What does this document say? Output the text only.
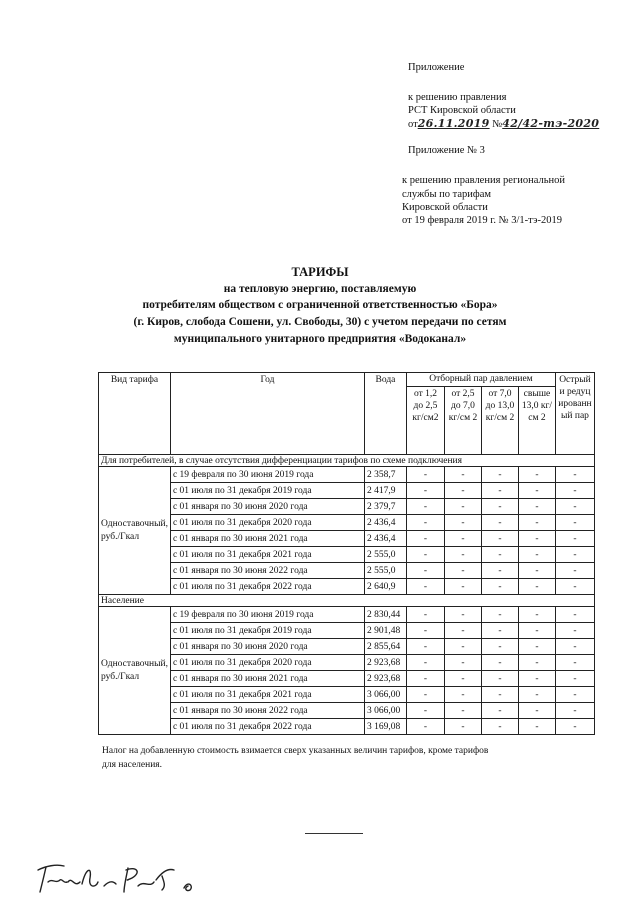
Приложение
к решению правления
РСТ Кировской области
от26.11.2019 №42/42-тэ-2020
Приложение № 3
к решению правления региональной
службы по тарифам
Кировской области
от 19 февраля 2019 г. № 3/1-тэ-2019
ТАРИФЫ
на тепловую энергию, поставляемую
потребителям обществом с ограниченной ответственностью «Бора»
(г. Киров, слобода Сошени, ул. Свободы, 30) с учетом передачи по сетям
муниципального унитарного предприятия «Водоканал»
Вид тарифа	Год	Вода	Отборный пар давлением				Острый и редуцированный пар
			от 1,2 до 2,5 кг/см2	от 2,5 до 7,0 кг/см 2	от 7,0 до 13,0 кг/см 2	свыше 13,0 кг/см 2	
Для потребителей, в случае отсутствия дифференциации тарифов по схеме подключения							
Одноставочный, руб./Гкал	с 19 февраля по 30 июня 2019 года	2 358,7	-	-	-	-	-
	с 01 июля по 31 декабря 2019 года	2 417,9	-	-	-	-	-
	с 01 января по 30 июня 2020 года	2 379,7	-	-	-	-	-
	с 01 июля по 31 декабря 2020 года	2 436,4	-	-	-	-	-
	с 01 января по 30 июня 2021 года	2 436,4	-	-	-	-	-
	с 01 июля по 31 декабря 2021 года	2 555,0	-	-	-	-	-
	с 01 января по 30 июня 2022 года	2 555,0	-	-	-	-	-
	с 01 июля по 31 декабря 2022 года	2 640,9	-	-	-	-	-
Население							
Одноставочный, руб./Гкал	с 19 февраля по 30 июня 2019 года	2 830,44	-	-	-	-	-
	с 01 июля по 31 декабря 2019 года	2 901,48	-	-	-	-	-
	с 01 января по 30 июня 2020 года	2 855,64	-	-	-	-	-
	с 01 июля по 31 декабря 2020 года	2 923,68	-	-	-	-	-
	с 01 января по 30 июня 2021 года	2 923,68	-	-	-	-	-
	с 01 июля по 31 декабря 2021 года	3 066,00	-	-	-	-	-
	с 01 января по 30 июня 2022 года	3 066,00	-	-	-	-	-
	с 01 июля по 31 декабря 2022 года	3 169,08	-	-	-	-	-
Налог на добавленную стоимость взимается сверх указанных величин тарифов, кроме тарифов
для населения.
